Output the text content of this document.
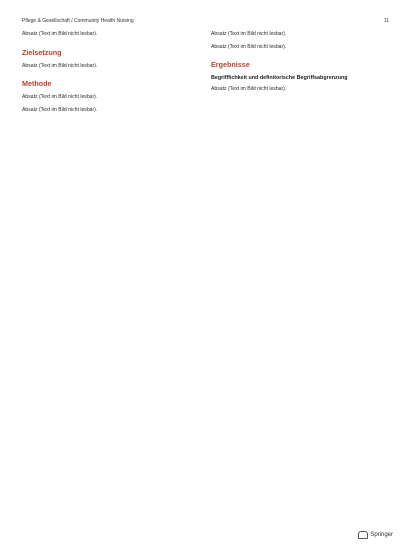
Pflege & Gesellschaft / Community Health Nursing	11

Absatz (Text im Bild nicht lesbar).

Zielsetzung

Absatz (Text im Bild nicht lesbar).

Methode

Absatz (Text im Bild nicht lesbar).

Absatz (Text im Bild nicht lesbar).

Absatz (Text im Bild nicht lesbar).

Absatz (Text im Bild nicht lesbar).

Ergebnisse
Begrifflichkeit und definitorische Begriffsabgrenzung

Absatz (Text im Bild nicht lesbar).

Springer
